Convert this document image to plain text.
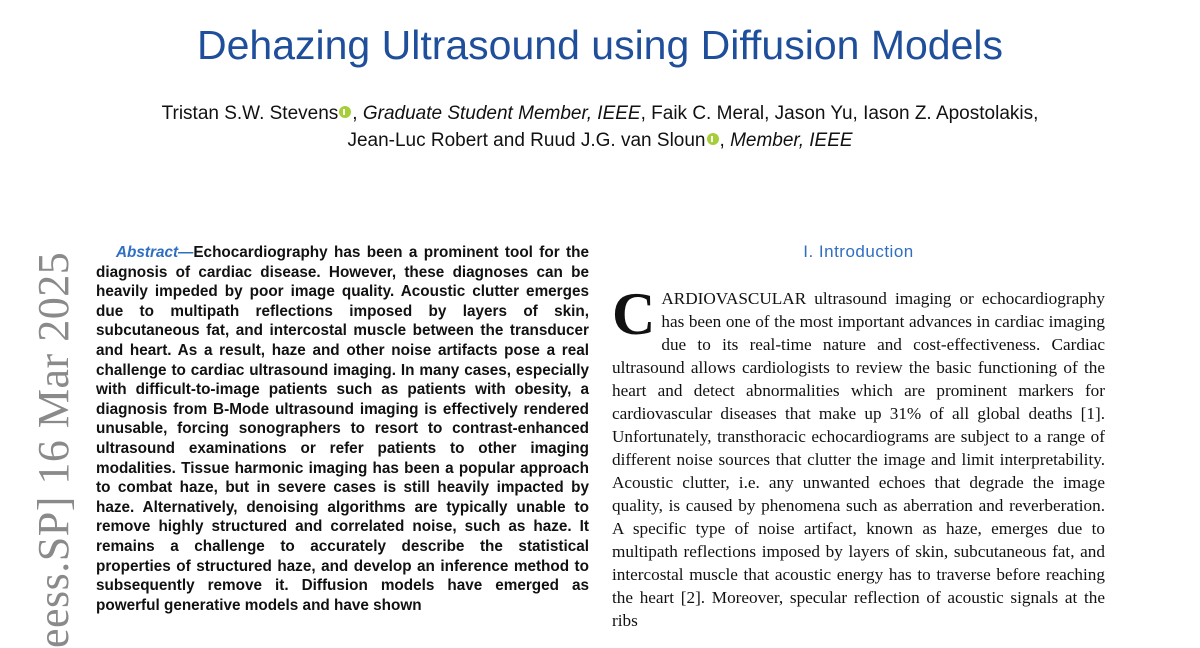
eess.SP] 16 Mar 2025
Dehazing Ultrasound using Diffusion Models
Tristan S.W. Stevens , Graduate Student Member, IEEE, Faik C. Meral, Jason Yu, Iason Z. Apostolakis,
Jean-Luc Robert and Ruud J.G. van Sloun , Member, IEEE

Abstract—Echocardiography has been a prominent tool for the diagnosis of cardiac disease. However, these diagnoses can be heavily impeded by poor image quality. Acoustic clutter emerges due to multipath reflections imposed by layers of skin, subcutaneous fat, and intercostal muscle between the transducer and heart. As a result, haze and other noise artifacts pose a real challenge to cardiac ultrasound imaging. In many cases, especially with difficult-to-image patients such as patients with obesity, a diagnosis from B-Mode ultrasound imaging is effectively rendered unusable, forcing sonographers to resort to contrast-enhanced ultrasound examinations or refer patients to other imaging modalities. Tissue harmonic imaging has been a popular approach to combat haze, but in severe cases is still heavily impacted by haze. Alternatively, denoising algorithms are typically unable to remove highly structured and correlated noise, such as haze. It remains a challenge to accurately describe the statistical properties of structured haze, and develop an inference method to subsequently remove it. Diffusion models have emerged as powerful generative models and have shown

I. Introduction

CARDIOVASCULAR ultrasound imaging or echocardiography has been one of the most important advances in cardiac imaging due to its real-time nature and cost-effectiveness. Cardiac ultrasound allows cardiologists to review the basic functioning of the heart and detect abnormalities which are prominent markers for cardiovascular diseases that make up 31% of all global deaths [1]. Unfortunately, transthoracic echocardiograms are subject to a range of different noise sources that clutter the image and limit interpretability. Acoustic clutter, i.e. any unwanted echoes that degrade the image quality, is caused by phenomena such as aberration and reverberation. A specific type of noise artifact, known as haze, emerges due to multipath reflections imposed by layers of skin, subcutaneous fat, and intercostal muscle that acoustic energy has to traverse before reaching the heart [2]. Moreover, specular reflection of acoustic signals at the ribs
